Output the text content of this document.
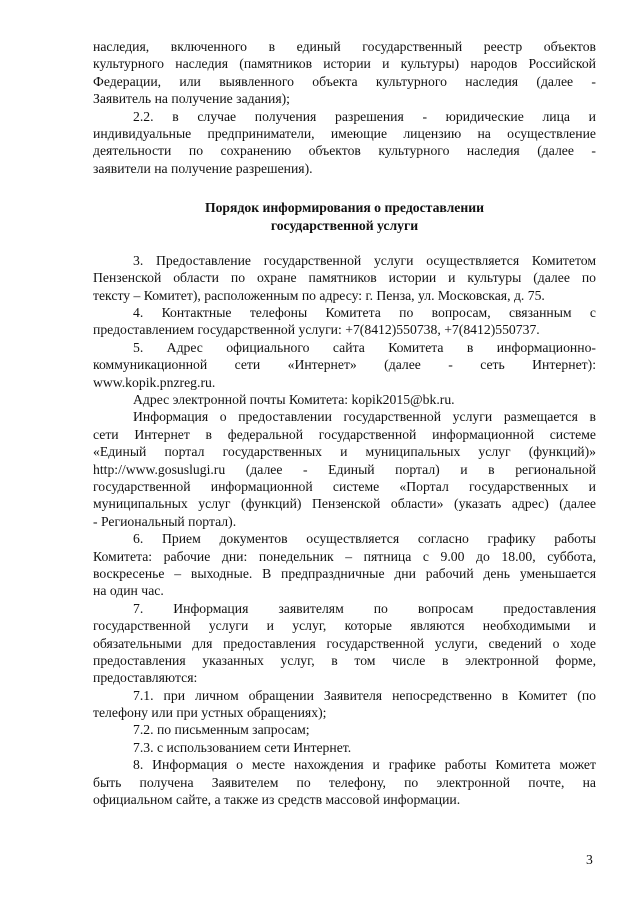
наследия, включенного в единый государственный реестр объектов
культурного наследия (памятников истории и культуры) народов Российской
Федерации, или выявленного объекта культурного наследия (далее -
Заявитель на получение задания);
2.2. в случае получения разрешения - юридические лица и
индивидуальные предприниматели, имеющие лицензию на осуществление
деятельности по сохранению объектов культурного наследия (далее -
заявители на получение разрешения).
Порядок информирования о предоставлении
государственной услуги
3. Предоставление государственной услуги осуществляется Комитетом
Пензенской области по охране памятников истории и культуры (далее по
тексту – Комитет), расположенным по адресу: г. Пенза, ул. Московская, д. 75.
4. Контактные телефоны Комитета по вопросам, связанным с
предоставлением государственной услуги: +7(8412)550738, +7(8412)550737.
5. Адрес официального сайта Комитета в информационно-
коммуникационной сети «Интернет» (далее - сеть Интернет):
www.kopik.pnzreg.ru.
Адрес электронной почты Комитета: kopik2015@bk.ru.
Информация о предоставлении государственной услуги размещается в
сети Интернет в федеральной государственной информационной системе
«Единый портал государственных и муниципальных услуг (функций)»
http://www.gosuslugi.ru (далее - Единый портал) и в региональной
государственной информационной системе «Портал государственных и
муниципальных услуг (функций) Пензенской области» (указать адрес) (далее
- Региональный портал).
6. Прием документов осуществляется согласно графику работы
Комитета: рабочие дни: понедельник – пятница с 9.00 до 18.00, суббота,
воскресенье – выходные. В предпраздничные дни рабочий день уменьшается
на один час.
7. Информация заявителям по вопросам предоставления
государственной услуги и услуг, которые являются необходимыми и
обязательными для предоставления государственной услуги, сведений о ходе
предоставления указанных услуг, в том числе в электронной форме,
предоставляются:
7.1. при личном обращении Заявителя непосредственно в Комитет (по
телефону или при устных обращениях);
7.2. по письменным запросам;
7.3. с использованием сети Интернет.
8. Информация о месте нахождения и графике работы Комитета может
быть получена Заявителем по телефону, по электронной почте, на
официальном сайте, а также из средств массовой информации.
3
